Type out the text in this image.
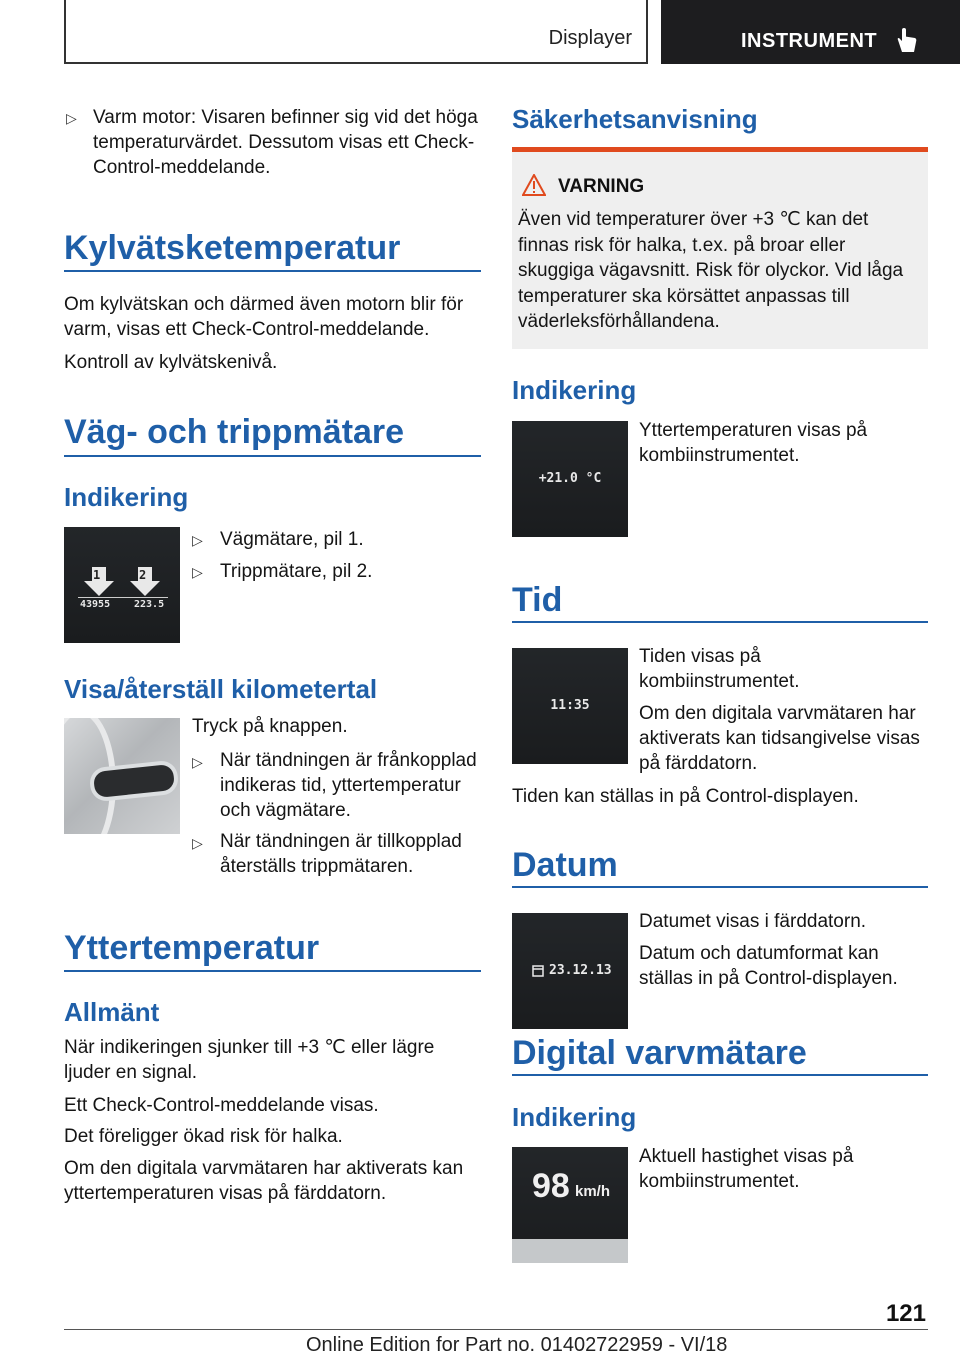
Displayer	INSTRUMENT
▷ Varm motor: Visaren befinner sig vid det höga temperaturvärdet. Dessutom visas ett Check-Control-meddelande.
Kylvätsketemperatur
Om kylvätskan och därmed även motorn blir för varm, visas ett Check-Control-meddelande.
Kontroll av kylvätskenivå.
Väg- och trippmätare
Indikering
1	2
43955 223.5
▷ Vägmätare, pil 1.
▷ Trippmätare, pil 2.
Visa/återställ kilometertal
Tryck på knappen.
▷ När tändningen är frånkopplad indikeras tid, yttertemperatur och vägmätare.
▷ När tändningen är tillkopplad återställs trippmätaren.
Yttertemperatur
Allmänt
När indikeringen sjunker till +3 ℃ eller lägre ljuder en signal.
Ett Check-Control-meddelande visas.
Det föreligger ökad risk för halka.
Om den digitala varvmätaren har aktiverats kan yttertemperaturen visas på färddatorn.
Säkerhetsanvisning
VARNING
Även vid temperaturer över +3 ℃ kan det finnas risk för halka, t.ex. på broar eller skuggiga vägavsnitt. Risk för olyckor. Vid låga temperaturer ska körsättet anpassas till väderleksförhållandena.
Indikering
+21.0 °C
Yttertemperaturen visas på kombiinstrumentet.
Tid
11:35
Tiden visas på kombiinstrumentet.
Om den digitala varvmätaren har aktiverats kan tidsangivelse visas på färddatorn.
Tiden kan ställas in på Control-displayen.
Datum
23.12.13
Datumet visas i färddatorn.
Datum och datumformat kan ställas in på Control-displayen.
Digital varvmätare
Indikering
98 km/h
Aktuell hastighet visas på kombiinstrumentet.
121
Online Edition for Part no. 01402722959 - VI/18
